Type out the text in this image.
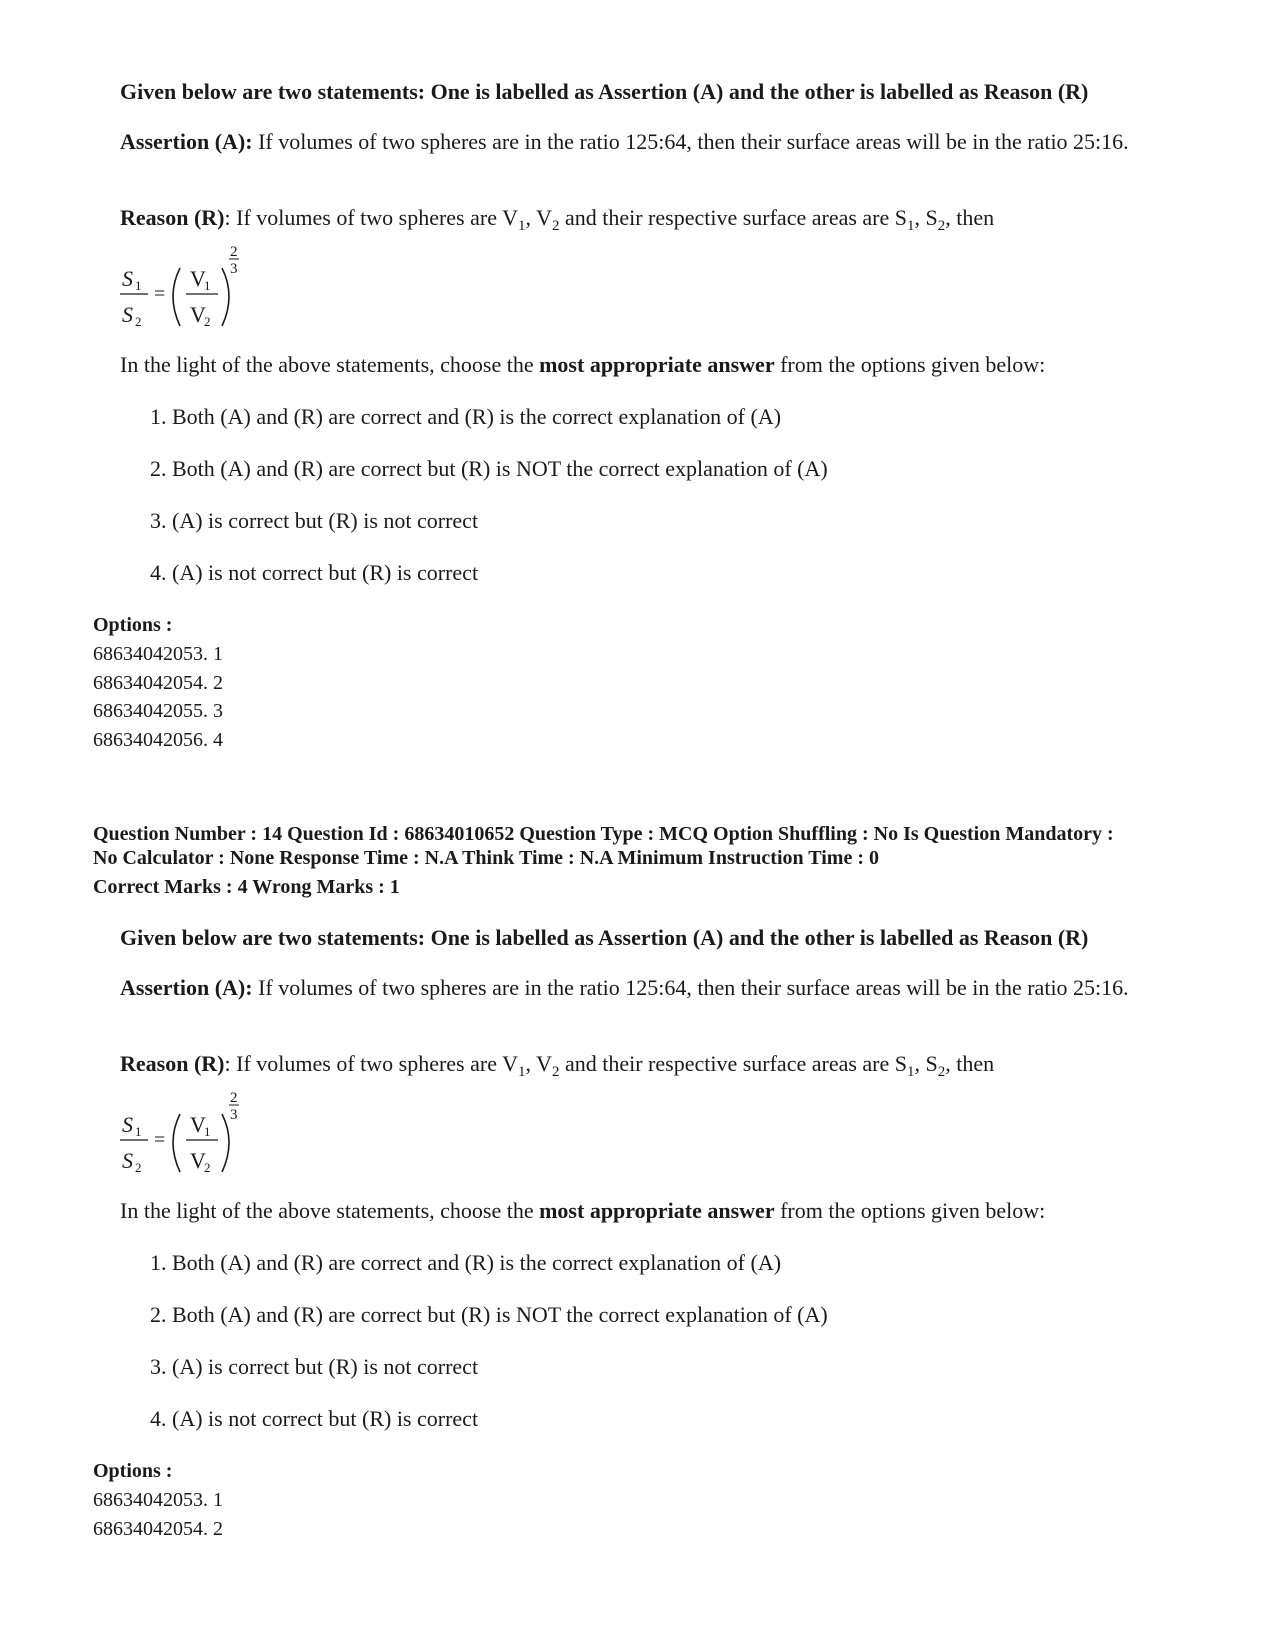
Given below are two statements: One is labelled as Assertion (A) and the other is labelled as Reason (R)
Assertion (A): If volumes of two spheres are in the ratio 125:64, then their surface areas will be in the ratio 25:16.
Reason (R): If volumes of two spheres are $V_1$, $V_2$ and their respective surface areas are $S_1$, $S_2$, then
S 1
S 2
=
V
1
V
2
2
3
In the light of the above statements, choose the most appropriate answer from the options given below:
1. Both (A) and (R) are correct and (R) is the correct explanation of (A)
2. Both (A) and (R) are correct but (R) is NOT the correct explanation of (A)
3. (A) is correct but (R) is not correct
4. (A) is not correct but (R) is correct
Options :
68634042053. 1
68634042054. 2
68634042055. 3
68634042056. 4
Question Number : 14 Question Id : 68634010652 Question Type : MCQ Option Shuffling : No Is Question Mandatory :
No Calculator : None Response Time : N.A Think Time : N.A Minimum Instruction Time : 0
Correct Marks : 4 Wrong Marks : 1
Given below are two statements: One is labelled as Assertion (A) and the other is labelled as Reason (R)
Assertion (A): If volumes of two spheres are in the ratio 125:64, then their surface areas will be in the ratio 25:16.
Reason (R): If volumes of two spheres are $V_1$, $V_2$ and their respective surface areas are $S_1$, $S_2$, then
S 1
S 2
=
V
1
V
2
2
3
In the light of the above statements, choose the most appropriate answer from the options given below:
1. Both (A) and (R) are correct and (R) is the correct explanation of (A)
2. Both (A) and (R) are correct but (R) is NOT the correct explanation of (A)
3. (A) is correct but (R) is not correct
4. (A) is not correct but (R) is correct
Options :
68634042053. 1
68634042054. 2
